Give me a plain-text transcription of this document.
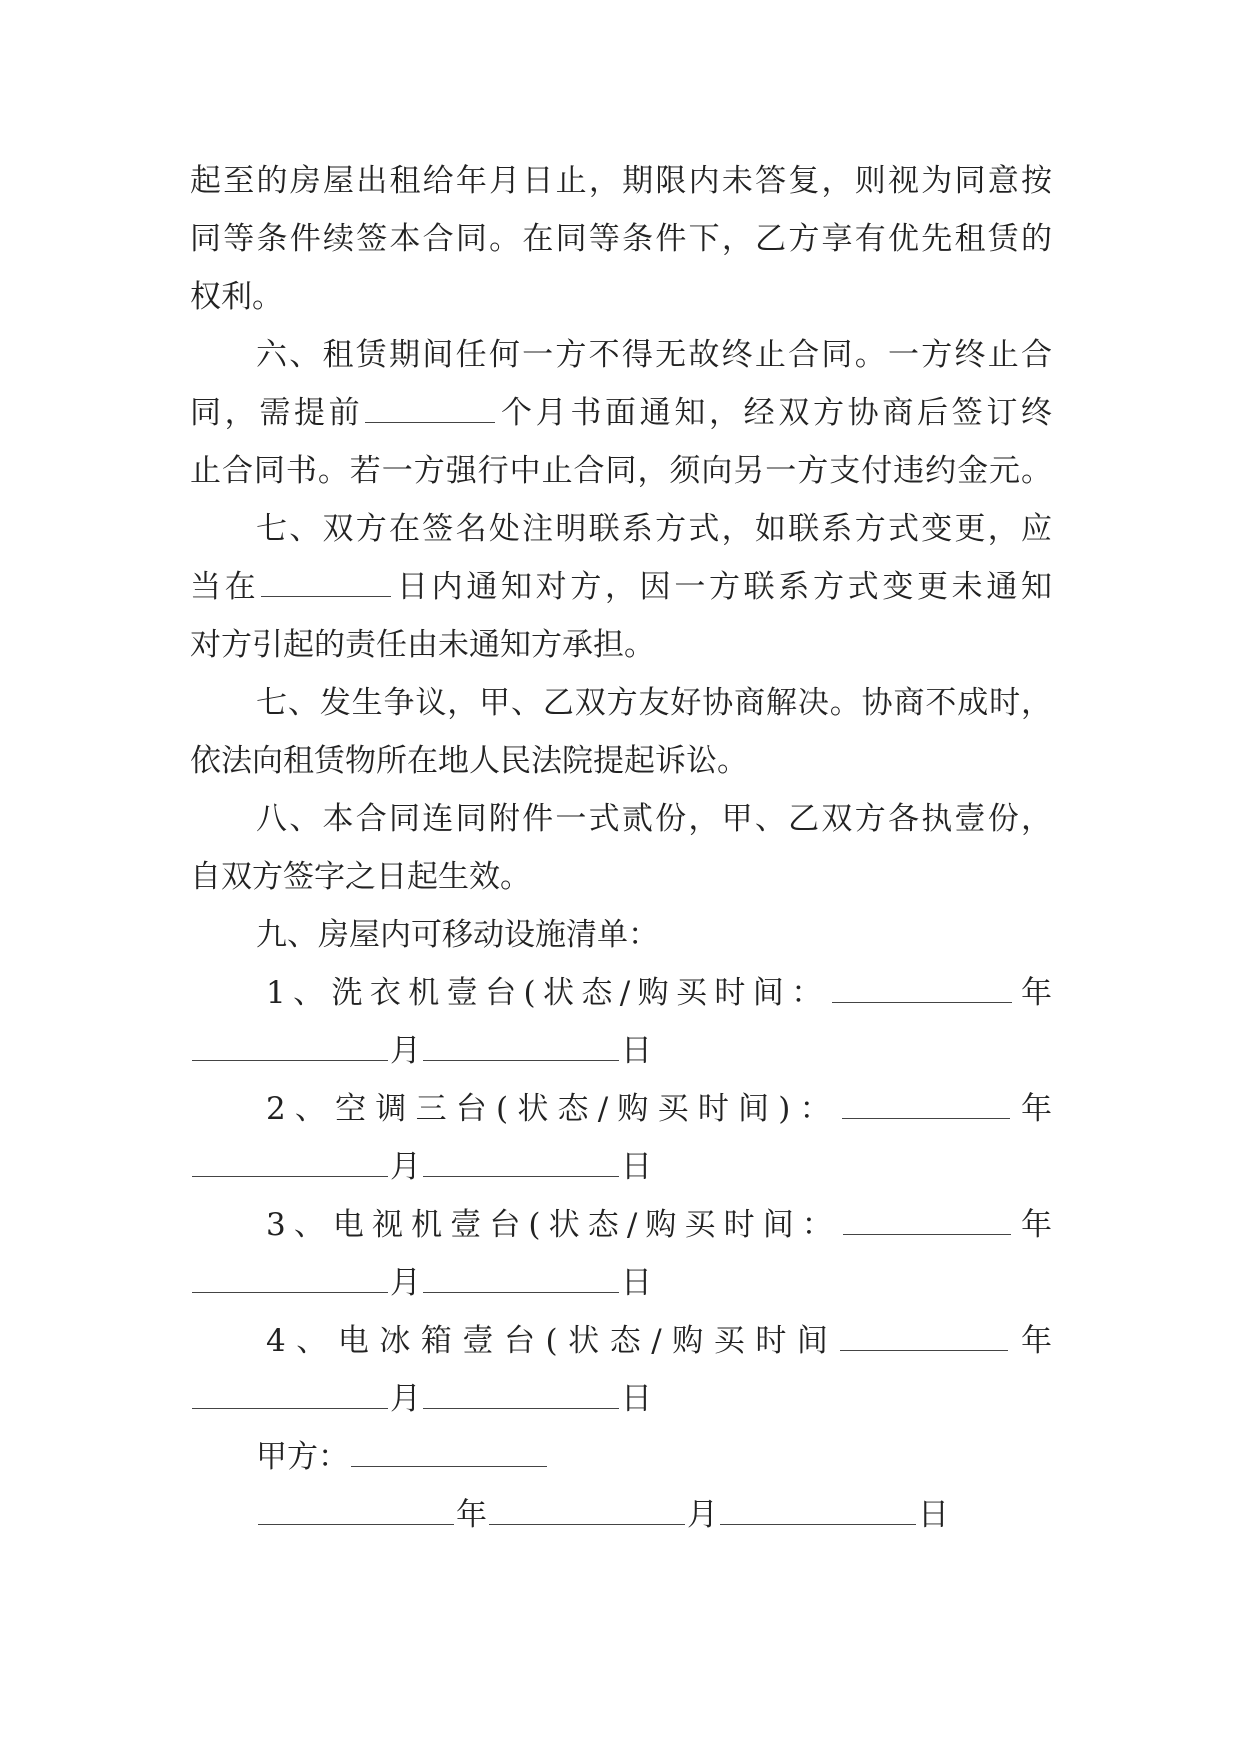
起至的房屋出租给年月日止，期限内未答复，则视为同意按
同等条件续签本合同。在同等条件下，乙方享有优先租赁的
权利。
六、租赁期间任何一方不得无故终止合同。一方终止合
同，需提前	个月书面通知，经双方协商后签订终
止合同书。若一方强行中止合同，须向另一方支付违约金元。
七、双方在签名处注明联系方式，如联系方式变更，应
当在	日内通知对方，因一方联系方式变更未通知
对方引起的责任由未通知方承担。
七、发生争议，甲、乙双方友好协商解决。协商不成时，
依法向租赁物所在地人民法院提起诉讼。
八、本合同连同附件一式贰份，甲、乙双方各执壹份，
自双方签字之日起生效。
九、房屋内可移动设施清单：
1、洗衣机壹台(状态/购买时间：	年
月	日
2、空调三台(状态/购买时间)：	年
月	日
3、电视机壹台(状态/购买时间：	年
月	日
4、电冰箱壹台(状态/购买时间	年
月	日
甲方：
年	月	日
